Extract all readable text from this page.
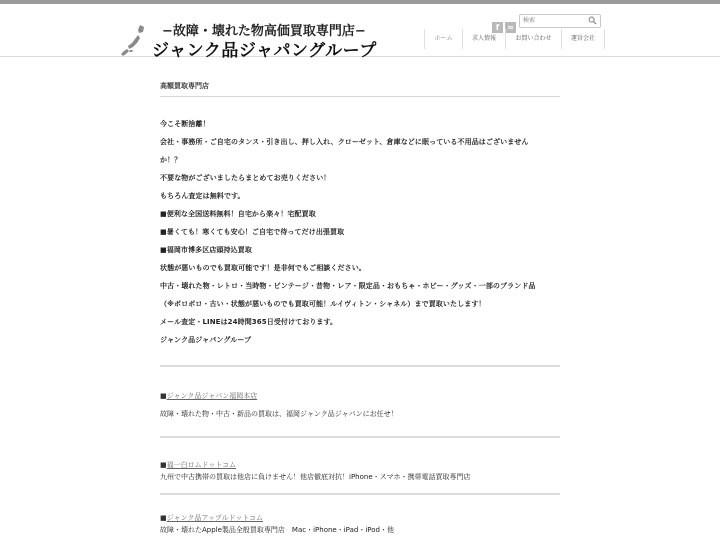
−故障・壊れた物高価買取専門店−
ジャンク品ジャパングループ
f ≈
検索
ホーム	求人情報	お問い合わせ	運営会社
高額買取専門店

今こそ断捨離！

会社・事務所・ご自宅のタンス・引き出し、押し入れ、クローゼット、倉庫などに眠っている不用品はございません

か！？

不要な物がございましたらまとめてお売りください！

もちろん査定は無料です。

■便利な全国送料無料！自宅から楽々！宅配買取

■暑くても！寒くても安心！ご自宅で待ってだけ出張買取

■福岡市博多区店頭持込買取

状態が悪いものでも買取可能です！是非何でもご相談ください。

中古・壊れた物・レトロ・当時物・ビンテージ・昔物・レア・限定品・おもちゃ・ホビー・グッズ・一部のブランド品

（※ボロボロ・古い・状態が悪いものでも買取可能！ルイヴィトン・シャネル）まで買取いたします！

メール査定・LINEは24時間365日受付けております。

ジャンク品ジャパングループ

■ジャンク品ジャパン福岡本店

故障・壊れた物・中古・新品の買取は、福岡ジャンク品ジャパンにお任せ！

■福一白ロムドットコム

九州で中古携帯の買取は他店に負けません！他店徹底対抗！iPhone・スマホ・携帯電話買取専門店

■ジャンク品アップルドットコム

故障・壊れたApple製品全般買取専門店　Mac・iPhone・iPad・iPod・他
